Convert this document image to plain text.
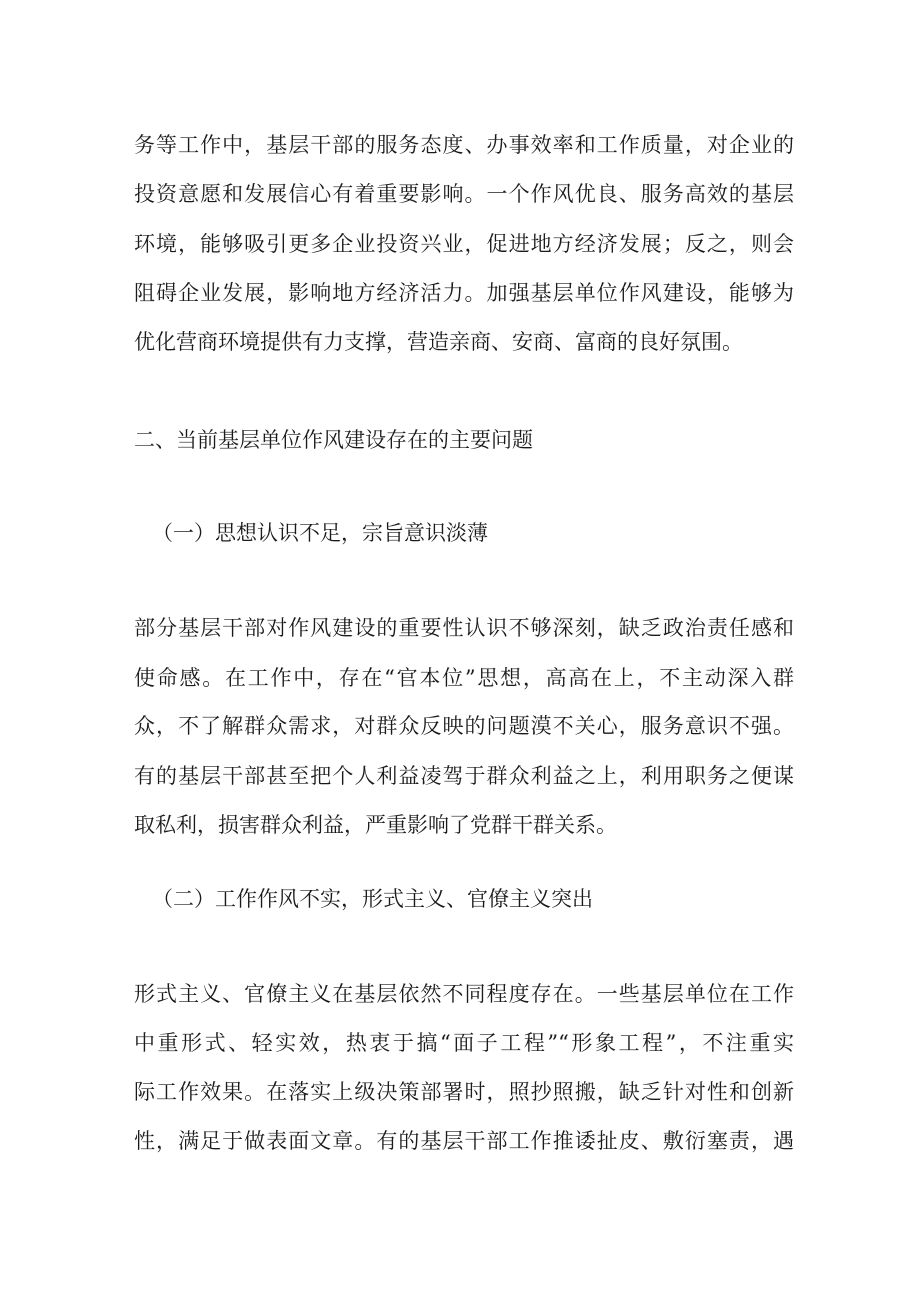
务等工作中，基层干部的服务态度、办事效率和工作质量，对企业的
投资意愿和发展信心有着重要影响。一个作风优良、服务高效的基层
环境，能够吸引更多企业投资兴业，促进地方经济发展；反之，则会
阻碍企业发展，影响地方经济活力。加强基层单位作风建设，能够为
优化营商环境提供有力支撑，营造亲商、安商、富商的良好氛围。
二、当前基层单位作风建设存在的主要问题
（一）思想认识不足，宗旨意识淡薄
部分基层干部对作风建设的重要性认识不够深刻，缺乏政治责任感和
使命感。在工作中，存在“官本位”思想，高高在上，不主动深入群
众，不了解群众需求，对群众反映的问题漠不关心，服务意识不强。
有的基层干部甚至把个人利益凌驾于群众利益之上，利用职务之便谋
取私利，损害群众利益，严重影响了党群干群关系。
（二）工作作风不实，形式主义、官僚主义突出
形式主义、官僚主义在基层依然不同程度存在。一些基层单位在工作
中重形式、轻实效，热衷于搞“面子工程”“形象工程”，不注重实
际工作效果。在落实上级决策部署时，照抄照搬，缺乏针对性和创新
性，满足于做表面文章。有的基层干部工作推诿扯皮、敷衍塞责，遇
